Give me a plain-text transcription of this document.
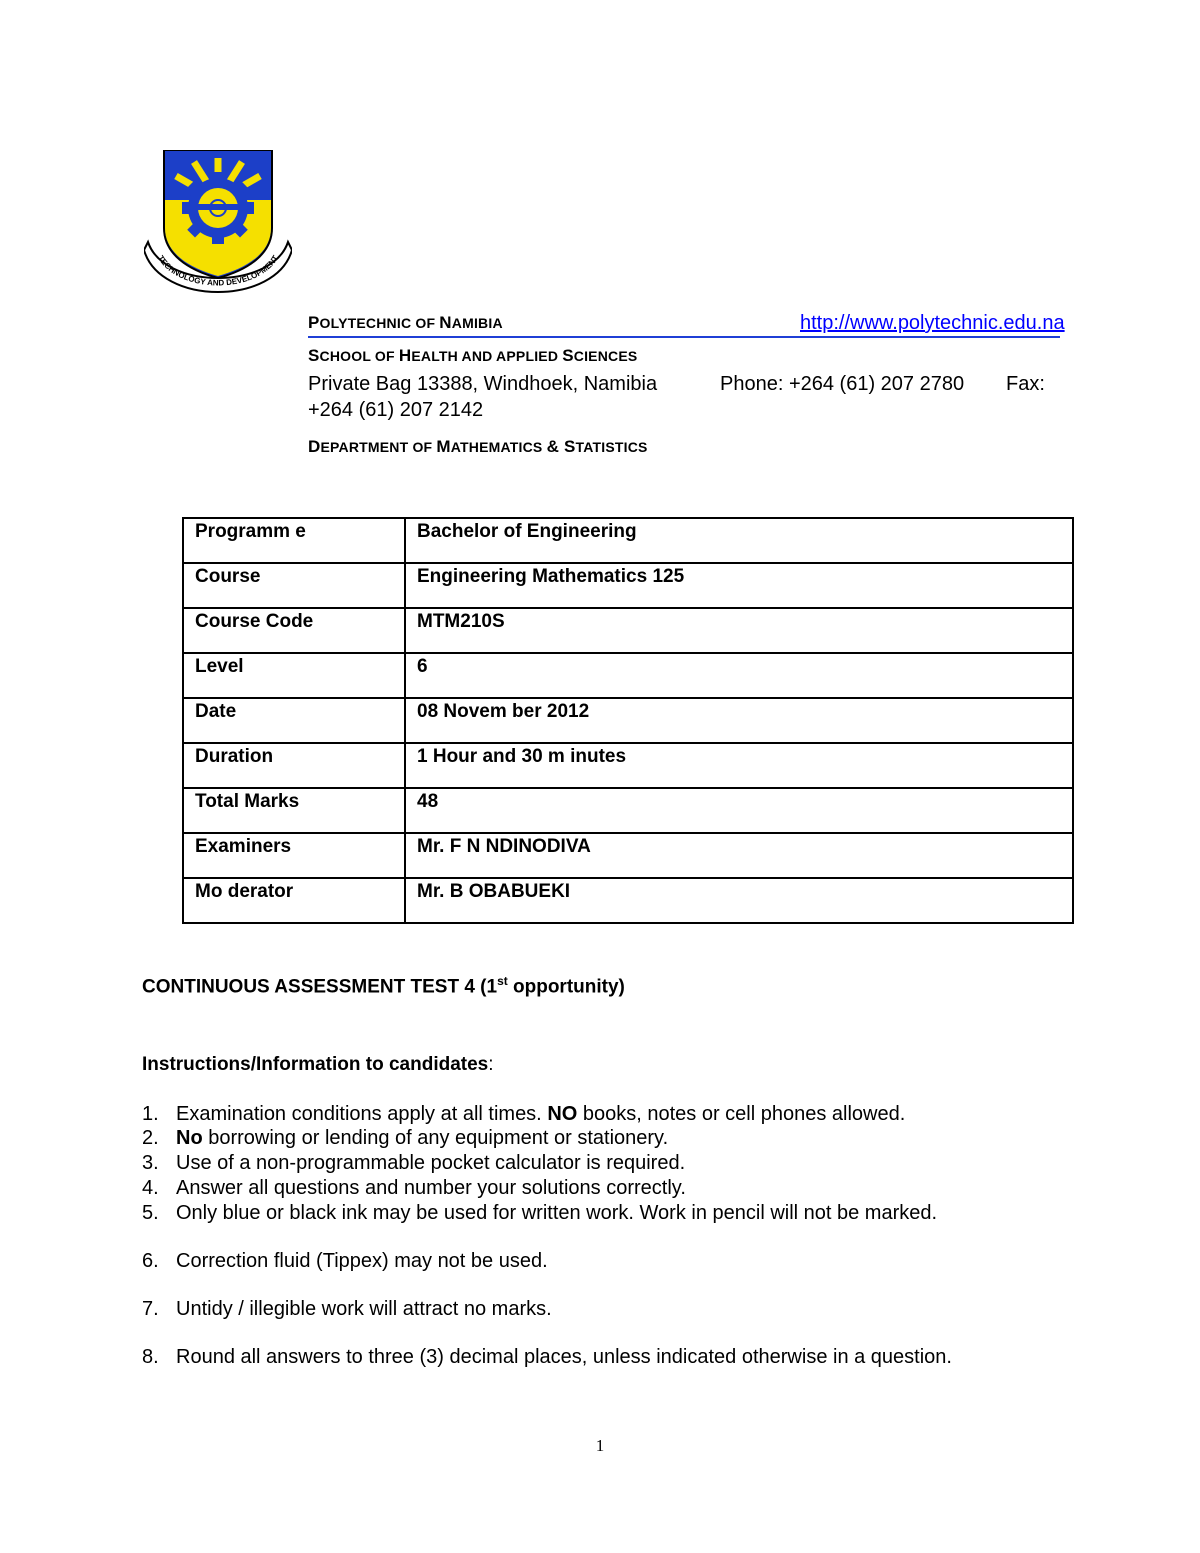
TECHNOLOGY AND DEVELOPMENT
POLYTECHNIC OF NAMIBIA	http://www.polytechnic.edu.na
SCHOOL OF HEALTH AND APPLIED SCIENCES
Private Bag 13388, Windhoek, Namibia	Phone: +264 (61) 207 2780 Fax:
+264 (61) 207 2142
DEPARTMENT OF MATHEMATICS & STATISTICS
Programm e	Bachelor of Engineering
Course	Engineering Mathematics 125
Course Code	MTM210S
Level	6
Date	08 Novem ber 2012
Duration	1 Hour and 30 m inutes
Total Marks	48
Examiners	Mr. F N NDINODIVA
Mo derator	Mr. B OBABUEKI
CONTINUOUS ASSESSMENT TEST 4 (1st opportunity)
Instructions/Information to candidates:
1. Examination conditions apply at all times. NO books, notes or cell phones allowed.
2. No borrowing or lending of any equipment or stationery.
3. Use of a non-programmable pocket calculator is required.
4. Answer all questions and number your solutions correctly.
5. Only blue or black ink may be used for written work. Work in pencil will not be marked.
6. Correction fluid (Tippex) may not be used.
7. Untidy / illegible work will attract no marks.
8. Round all answers to three (3) decimal places, unless indicated otherwise in a question.
1
